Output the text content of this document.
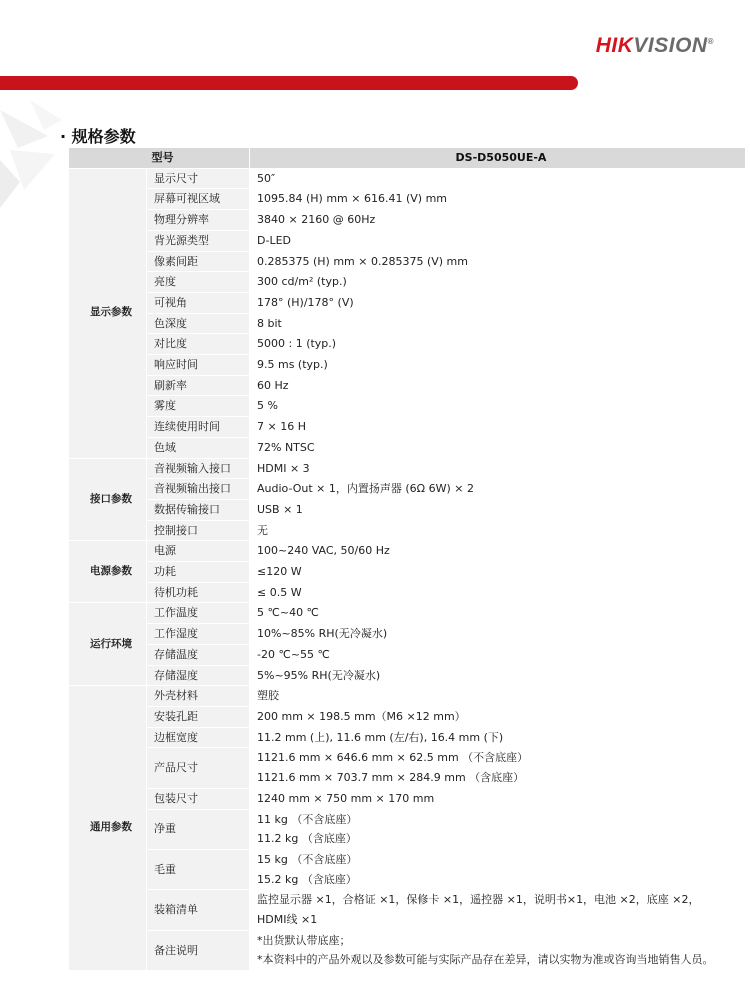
HIKVISION®
· 规格参数
型号		DS-D5050UE-A
显示参数	显示尺寸	50″

	屏幕可视区域	1095.84 (H) mm × 616.41 (V) mm

	物理分辨率	3840 × 2160 @ 60Hz

	背光源类型	D-LED

	像素间距	0.285375 (H) mm × 0.285375 (V) mm

	亮度	300 cd/m² (typ.)

	可视角	178° (H)/178° (V)

	色深度	8 bit

	对比度	5000 : 1 (typ.)

	响应时间	9.5 ms (typ.)

	刷新率	60 Hz

	雾度	5 %

	连续使用时间	7 × 16 H

	色域	72% NTSC

接口参数	音视频输入接口	HDMI × 3

	音视频输出接口	Audio-Out × 1，内置扬声器 (6Ω 6W) × 2

	数据传输接口	USB × 1

	控制接口	无

电源参数	电源	100~240 VAC, 50/60 Hz

	功耗	≤120 W

	待机功耗	≤ 0.5 W

运行环境	工作温度	5 ℃~40 ℃

	工作湿度	10%~85% RH(无冷凝水)

	存储温度	-20 ℃~55 ℃

	存储湿度	5%~95% RH(无冷凝水)

通用参数	外壳材料	塑胶

	安装孔距	200 mm × 198.5 mm（M6 ×12 mm）

	边框宽度	11.2 mm (上), 11.6 mm (左/右), 16.4 mm (下)

	产品尺寸	1121.6 mm × 646.6 mm × 62.5 mm （不含底座）
1121.6 mm × 703.7 mm × 284.9 mm （含底座）

	包装尺寸	1240 mm × 750 mm × 170 mm

	净重	11 kg （不含底座）
11.2 kg （含底座）

	毛重	15 kg （不含底座）
15.2 kg （含底座）

	装箱清单	监控显示器 ×1，合格证 ×1，保修卡 ×1，遥控器 ×1，说明书×1，电池 ×2，底座 ×2，
HDMI线 ×1

	备注说明	*出货默认带底座；
*本资料中的产品外观以及参数可能与实际产品存在差异，请以实物为准或咨询当地销售人员。
